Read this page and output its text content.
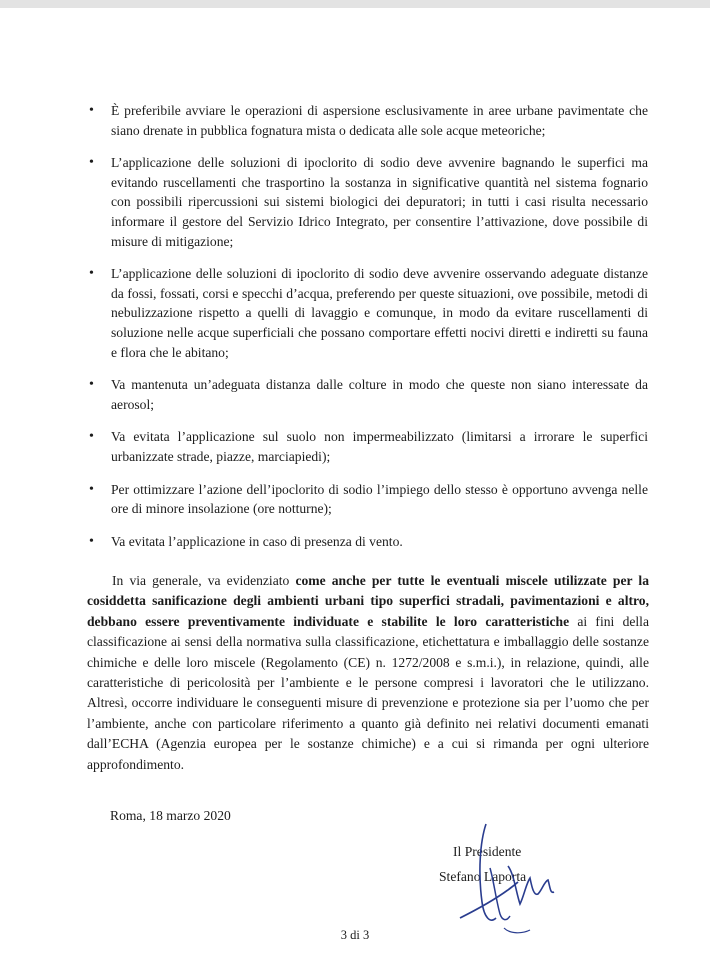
• È preferibile avviare le operazioni di aspersione esclusivamente in aree urbane pavimentate che siano drenate in pubblica fognatura mista o dedicata alle sole acque meteoriche;
• L’applicazione delle soluzioni di ipoclorito di sodio deve avvenire bagnando le superfici ma evitando ruscellamenti che trasportino la sostanza in significative quantità nel sistema fognario con possibili ripercussioni sui sistemi biologici dei depuratori; in tutti i casi risulta necessario informare il gestore del Servizio Idrico Integrato, per consentire l’attivazione, dove possibile di misure di mitigazione;
• L’applicazione delle soluzioni di ipoclorito di sodio deve avvenire osservando adeguate distanze da fossi, fossati, corsi e specchi d’acqua, preferendo per queste situazioni, ove possibile, metodi di nebulizzazione rispetto a quelli di lavaggio e comunque, in modo da evitare ruscellamenti di soluzione nelle acque superficiali che possano comportare effetti nocivi diretti e indiretti su fauna e flora che le abitano;
• Va mantenuta un’adeguata distanza dalle colture in modo che queste non siano interessate da aerosol;
• Va evitata l’applicazione sul suolo non impermeabilizzato (limitarsi a irrorare le superfici urbanizzate strade, piazze, marciapiedi);
• Per ottimizzare l’azione dell’ipoclorito di sodio l’impiego dello stesso è opportuno avvenga nelle ore di minore insolazione (ore notturne);
• Va evitata l’applicazione in caso di presenza di vento.

In via generale, va evidenziato come anche per tutte le eventuali miscele utilizzate per la cosiddetta sanificazione degli ambienti urbani tipo superfici stradali, pavimentazioni e altro, debbano essere preventivamente individuate e stabilite le loro caratteristiche ai fini della classificazione ai sensi della normativa sulla classificazione, etichettatura e imballaggio delle sostanze chimiche e delle loro miscele (Regolamento (CE) n. 1272/2008 e s.m.i.), in relazione, quindi, alle caratteristiche di pericolosità per l’ambiente e le persone compresi i lavoratori che le utilizzano. Altresì, occorre individuare le conseguenti misure di prevenzione e protezione sia per l’uomo che per l’ambiente, anche con particolare riferimento a quanto già definito nei relativi documenti emanati dall’ECHA (Agenzia europea per le sostanze chimiche) e a cui si rimanda per ogni ulteriore approfondimento.

Roma, 18 marzo 2020
Il Presidente
Stefano Laporta
3 di 3
